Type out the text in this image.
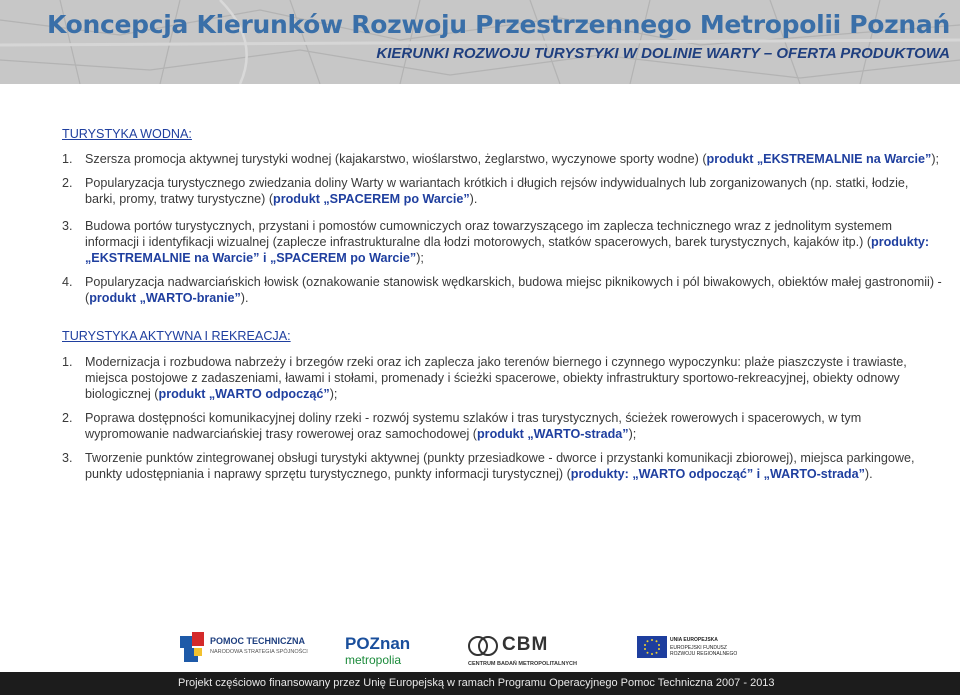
Koncepcja Kierunków Rozwoju Przestrzennego Metropolii Poznań
KIERUNKI ROZWOJU TURYSTYKI W DOLINIE WARTY – OFERTA PRODUKTOWA
TURYSTYKA WODNA:
1. Szersza promocja aktywnej turystyki wodnej (kajakarstwo, wioślarstwo, żeglarstwo, wyczynowe sporty wodne) (produkt „EKSTREMALNIE na Warcie”);
2. Popularyzacja turystycznego zwiedzania doliny Warty w wariantach krótkich i długich rejsów indywidualnych lub zorganizowanych (np. statki, łodzie, barki, promy, tratwy turystyczne) (produkt „SPACEREM po Warcie”).
3. Budowa portów turystycznych, przystani i pomostów cumowniczych oraz towarzyszącego im zaplecza technicznego wraz z jednolitym systemem informacji i identyfikacji wizualnej (zaplecze infrastrukturalne dla łodzi motorowych, statków spacerowych, barek turystycznych, kajaków itp.) (produkty: „EKSTREMALNIE na Warcie” i „SPACEREM po Warcie”);
4. Popularyzacja nadwarciańskich łowisk (oznakowanie stanowisk wędkarskich, budowa miejsc piknikowych i pól biwakowych, obiektów małej gastronomii) - (produkt „WARTO-branie”).
TURYSTYKA AKTYWNA I REKREACJA:
1. Modernizacja i rozbudowa nabrzeży i brzegów rzeki oraz ich zaplecza jako terenów biernego i czynnego wypoczynku: plaże piaszczyste i trawiaste, miejsca postojowe z zadaszeniami, ławami i stołami, promenady i ścieżki spacerowe, obiekty infrastruktury sportowo-rekreacyjnej, obiekty odnowy biologicznej (produkt „WARTO odpocząć”);
2. Poprawa dostępności komunikacyjnej doliny rzeki - rozwój systemu szlaków i tras turystycznych, ścieżek rowerowych i spacerowych, w tym wypromowanie nadwarciańskiej trasy rowerowej oraz samochodowej (produkt „WARTO-strada”);
3. Tworzenie punktów zintegrowanej obsługi turystyki aktywnej (punkty przesiadkowe - dworce i przystanki komunikacji zbiorowej), miejsca parkingowe, punkty udostępniania i naprawy sprzętu turystycznego, punkty informacji turystycznej) (produkty: „WARTO odpocząć” i „WARTO-strada”).
POMOC TECHNICZNA
NARODOWA STRATEGIA SPÓJNOŚCI POZnan
metropolia
CBM
CENTRUM BADAŃ METROPOLITALNYCH
UNIA EUROPEJSKA
EUROPEJSKI FUNDUSZ
ROZWOJU REGIONALNEGO
Projekt częściowo finansowany przez Unię Europejską w ramach Programu Operacyjnego Pomoc Techniczna 2007 - 2013
